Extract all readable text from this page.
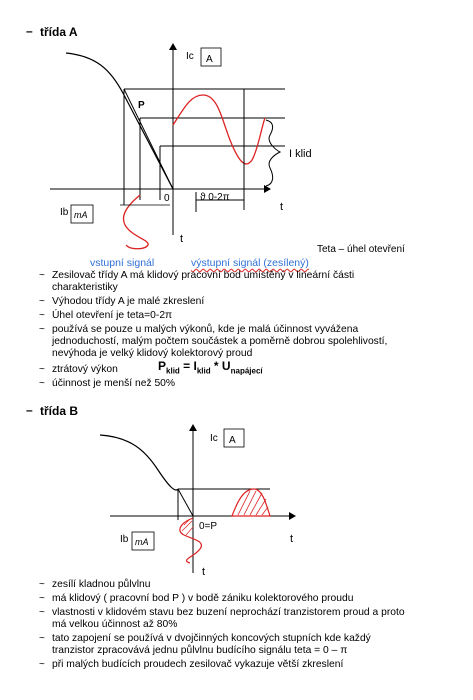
– třída A
Ic A
P
0
t
t
I klid
ϑ 0-2π
Ib mA
Teta – úhel otevření
vstupní signál	výstupní signál (zesílený)
~ Zesilovač třídy A má klidový pracovní bod umístěný v lineární části
charakteristiky
~ Výhodou třídy A je malé zkreslení
~ Úhel otevření je teta=0-2π
~ používá se pouze u malých výkonů, kde je malá účinnost vyvážena
jednoduchostí, malým počtem součástek a poměrně dobrou spolehlivostí,
nevýhoda je velký klidový kolektorový proud
~ ztrátový výkon	$P_{klid} = I_{klid} * U_{napájecí}$
~ účinnost je menší než 50%
– třída B
Ic A
0=P
t
t
Ib mA
~ zesílí kladnou půlvlnu
~ má klidový ( pracovní bod P ) v bodě zániku kolektorového proudu
~ vlastnosti v klidovém stavu bez buzení neprochází tranzistorem proud a proto
má velkou účinnost až 80%
~ tato zapojení se používá v dvojčinných koncových stupních kde každý
tranzistor zpracovává jednu půlvlnu budícího signálu teta = 0 – π
~ při malých budících proudech zesilovač vykazuje větší zkreslení
